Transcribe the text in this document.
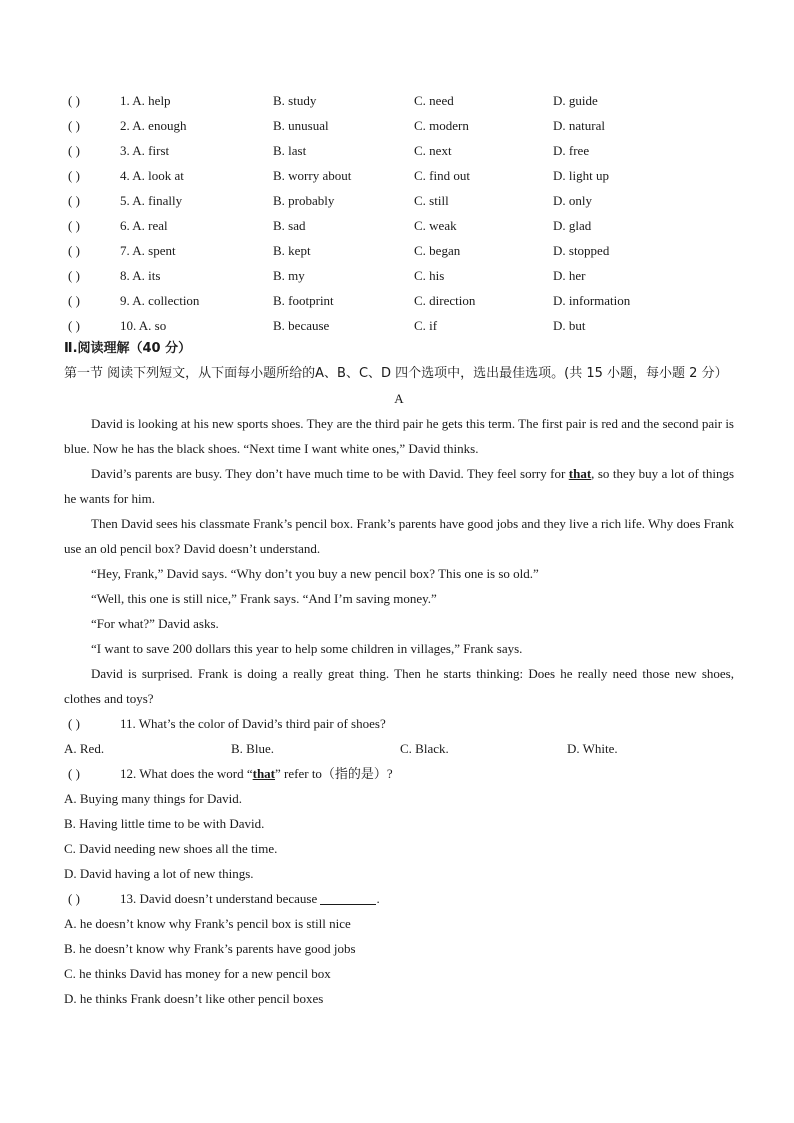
( )	1. A. help	B. study	C. need	D. guide
( )	2. A. enough	B. unusual	C. modern	D. natural
( )	3. A. first	B. last	C. next	D. free
( )	4. A. look at	B. worry about	C. find out	D. light up
( )	5. A. finally	B. probably	C. still	D. only
( )	6. A. real	B. sad	C. weak	D. glad
( )	7. A. spent	B. kept	C. began	D. stopped
( )	8. A. its	B. my	C. his	D. her
( )	9. A. collection	B. footprint	C. direction	D. information
( )	10. A. so	B. because	C. if	D. but
Ⅱ.阅读理解（40 分）
第一节 阅读下列短文，从下面每小题所给的A、B、C、D 四个选项中，选出最佳选项。(共 15 小题，每小题 2 分）
A
David is looking at his new sports shoes. They are the third pair he gets this term. The first pair is red and the second pair is blue. Now he has the black shoes. “Next time I want white ones,” David thinks.
David’s parents are busy. They don’t have much time to be with David. They feel sorry for that, so they buy a lot of things he wants for him.
Then David sees his classmate Frank’s pencil box. Frank’s parents have good jobs and they live a rich life. Why does Frank use an old pencil box? David doesn’t understand.
“Hey, Frank,” David says. “Why don’t you buy a new pencil box? This one is so old.”
“Well, this one is still nice,” Frank says. “And I’m saving money.”
“For what?” David asks.
“I want to save 200 dollars this year to help some children in villages,” Frank says.
David is surprised. Frank is doing a really great thing. Then he starts thinking: Does he really need those new shoes, clothes and toys?
( )	11. What’s the color of David’s third pair of shoes?
A. Red.	B. Blue.	C. Black.	D. White.
( )	12. What does the word “that” refer to（指的是）?
A. Buying many things for David.
B. Having little time to be with David.
C. David needing new shoes all the time.
D. David having a lot of new things.
( )	13. David doesn’t understand because	.
A. he doesn’t know why Frank’s pencil box is still nice
B. he doesn’t know why Frank’s parents have good jobs
C. he thinks David has money for a new pencil box
D. he thinks Frank doesn’t like other pencil boxes
